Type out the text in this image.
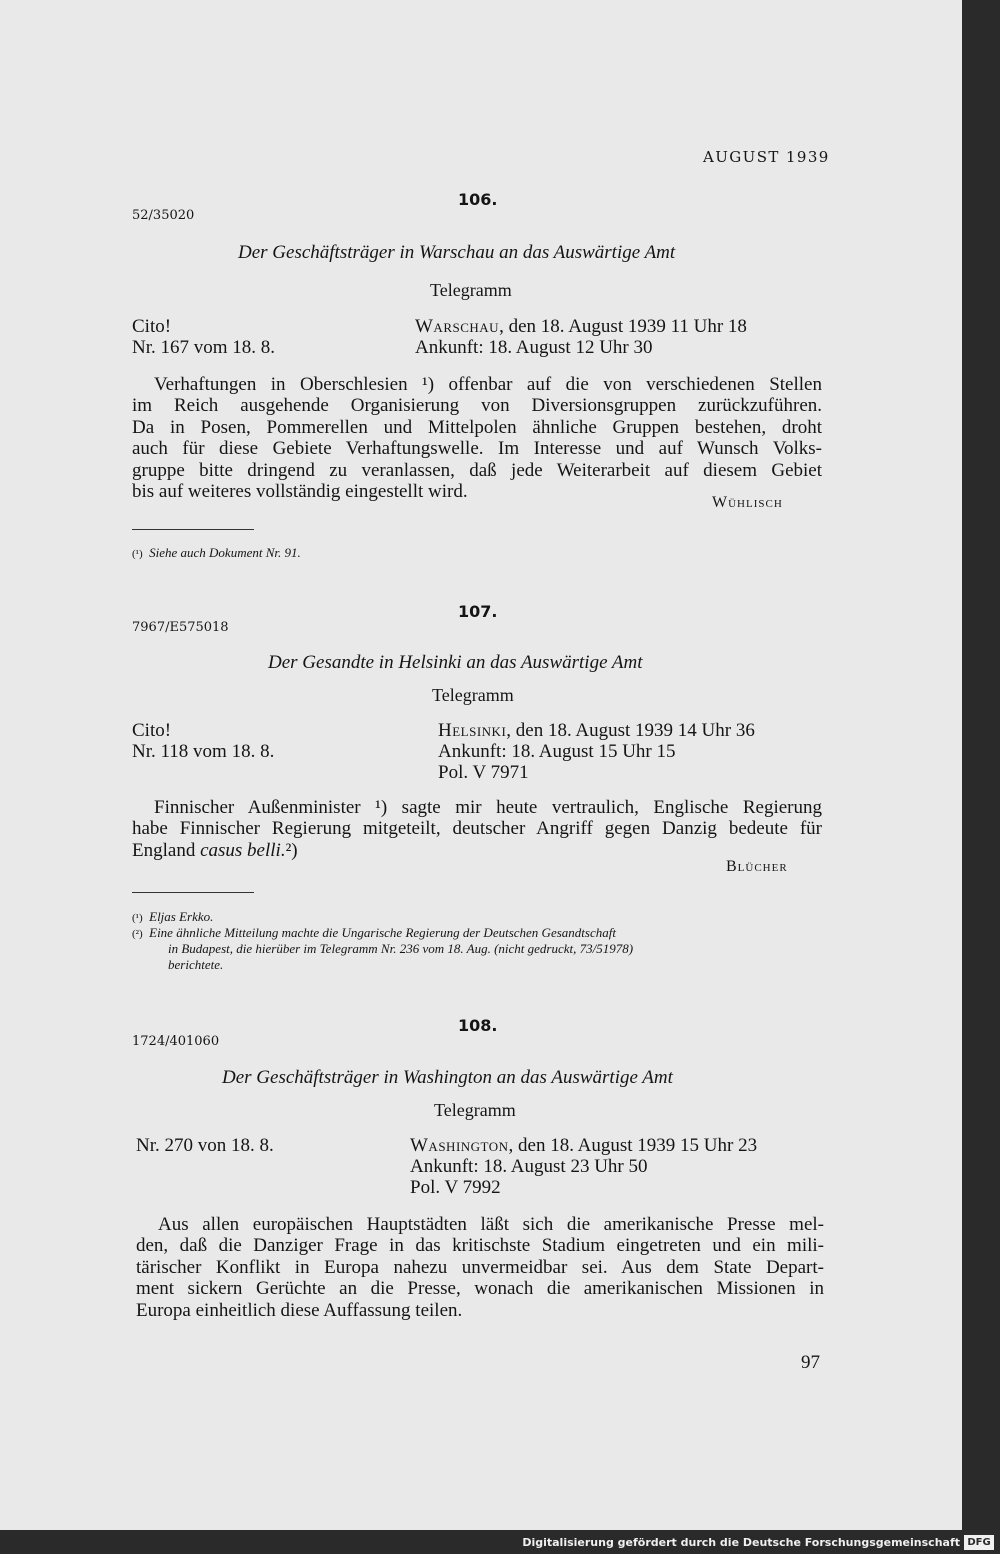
AUGUST 1939
106.
52/35020
Der Geschäftsträger in Warschau an das Auswärtige Amt
Telegramm
Cito!
Nr. 167 vom 18. 8.
Warschau, den 18. August 1939 11 Uhr 18
Ankunft: 18. August 12 Uhr 30
Verhaftungen in Oberschlesien ¹) offenbar auf die von verschiedenen Stellen
im Reich ausgehende Organisierung von Diversionsgruppen zurückzuführen.
Da in Posen, Pommerellen und Mittelpolen ähnliche Gruppen bestehen, droht
auch für diese Gebiete Verhaftungswelle. Im Interesse und auf Wunsch Volks-
gruppe bitte dringend zu veranlassen, daß jede Weiterarbeit auf diesem Gebiet
bis auf weiteres vollständig eingestellt wird.
Wühlisch
(¹) Siehe auch Dokument Nr. 91.
107.
7967/E575018
Der Gesandte in Helsinki an das Auswärtige Amt
Telegramm
Cito!
Nr. 118 vom 18. 8.
Helsinki, den 18. August 1939 14 Uhr 36
Ankunft: 18. August 15 Uhr 15
Pol. V 7971
Finnischer Außenminister ¹) sagte mir heute vertraulich, Englische Regierung
habe Finnischer Regierung mitgeteilt, deutscher Angriff gegen Danzig bedeute für
England casus belli.²)
Blücher
(¹) Eljas Erkko.
(²) Eine ähnliche Mitteilung machte die Ungarische Regierung der Deutschen Gesandtschaft
in Budapest, die hierüber im Telegramm Nr. 236 vom 18. Aug. (nicht gedruckt, 73/51978)
berichtete.
108.
1724/401060
Der Geschäftsträger in Washington an das Auswärtige Amt
Telegramm
Nr. 270 von 18. 8.	Washington, den 18. August 1939 15 Uhr 23
Ankunft: 18. August 23 Uhr 50
Pol. V 7992
Aus allen europäischen Hauptstädten läßt sich die amerikanische Presse mel-
den, daß die Danziger Frage in das kritischste Stadium eingetreten und ein mili-
tärischer Konflikt in Europa nahezu unvermeidbar sei. Aus dem State Depart-
ment sickern Gerüchte an die Presse, wonach die amerikanischen Missionen in
Europa einheitlich diese Auffassung teilen.
97
Digitalisierung gefördert durch die Deutsche Forschungsgemeinschaft DFG
